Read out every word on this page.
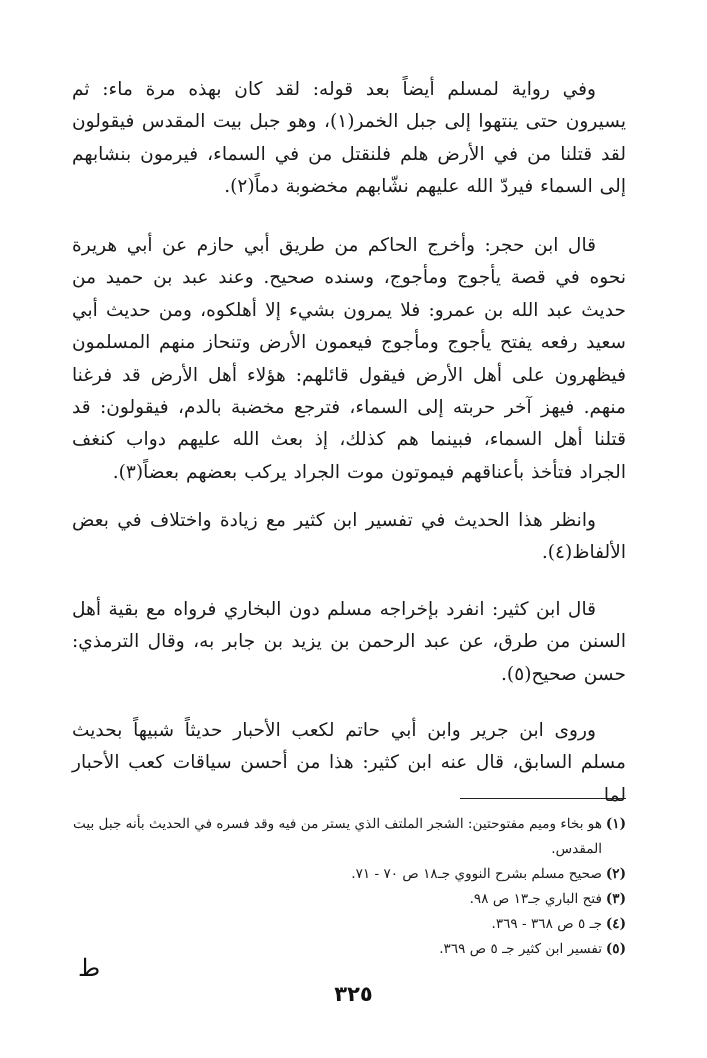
وفي رواية لمسلم أيضاً بعد قوله: لقد كان بهذه مرة ماء: ثم يسيرون حتى ينتهوا إلى جبل الخمر(١)، وهو جبل بيت المقدس فيقولون لقد قتلنا من في الأرض هلم فلنقتل من في السماء، فيرمون بنشابهم إلى السماء فيردّ الله عليهم نشّابهم مخضوبة دماً(٢).

قال ابن حجر: وأخرج الحاكم من طريق أبي حازم عن أبي هريرة نحوه في قصة يأجوج ومأجوج، وسنده صحيح. وعند عبد بن حميد من حديث عبد الله بن عمرو: فلا يمرون بشيء إلا أهلكوه، ومن حديث أبي سعيد رفعه يفتح يأجوج ومأجوج فيعمون الأرض وتنحاز منهم المسلمون فيظهرون على أهل الأرض فيقول قائلهم: هؤلاء أهل الأرض قد فرغنا منهم. فيهز آخر حربته إلى السماء، فترجع مخضبة بالدم، فيقولون: قد قتلنا أهل السماء، فبينما هم كذلك، إذ بعث الله عليهم دواب كنغف الجراد فتأخذ بأعناقهم فيموتون موت الجراد يركب بعضهم بعضاً(٣).

وانظر هذا الحديث في تفسير ابن كثير مع زيادة واختلاف في بعض الألفاظ(٤).

قال ابن كثير: انفرد بإخراجه مسلم دون البخاري فرواه مع بقية أهل السنن من طرق، عن عبد الرحمن بن يزيد بن جابر به، وقال الترمذي: حسن صحيح(٥).

وروى ابن جرير وابن أبي حاتم لكعب الأحبار حديثاً شبيهاً بحديث مسلم السابق، قال عنه ابن كثير: هذا من أحسن سياقات كعب الأحبار لما

(١)
هو بخاء وميم مفتوحتين: الشجر الملتف الذي يستر من فيه وقد فسره في الحديث بأنه جبل بيت المقدس.
(٢)
صحيح مسلم بشرح النووي جـ١٨ ص ٧٠ - ٧١.
(٣)
فتح الباري جـ١٣ ص ٩٨.
(٤)
جـ ٥ ص ٣٦٨ - ٣٦٩.
(٥)
تفسير ابن كثير جـ ٥ ص ٣٦٩.
ط
٣٢٥
